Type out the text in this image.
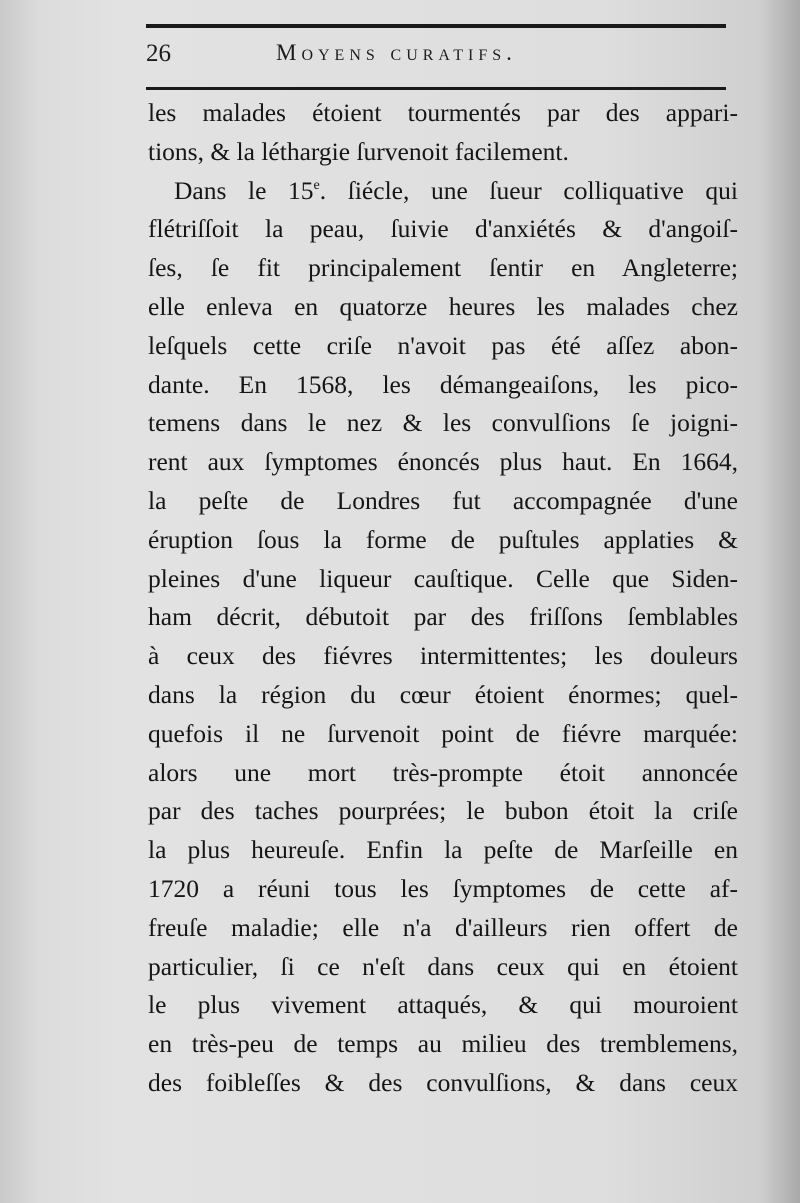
26	Moyens curatifs.
les malades étoient tourmentés par des appari-
tions, & la léthargie ſurvenoit facilement.
Dans le 15e. ſiécle, une ſueur colliquative qui
flétriſſoit la peau, ſuivie d'anxiétés & d'angoiſ-
ſes, ſe fit principalement ſentir en Angleterre;
elle enleva en quatorze heures les malades chez
leſquels cette criſe n'avoit pas été aſſez abon-
dante. En 1568, les démangeaiſons, les pico-
temens dans le nez & les convulſions ſe joigni-
rent aux ſymptomes énoncés plus haut. En 1664,
la peſte de Londres fut accompagnée d'une
éruption ſous la forme de puſtules applaties &
pleines d'une liqueur cauſtique. Celle que Siden-
ham décrit, débutoit par des friſſons ſemblables
à ceux des fiévres intermittentes; les douleurs
dans la région du cœur étoient énormes; quel-
quefois il ne ſurvenoit point de fiévre marquée:
alors une mort très-prompte étoit annoncée
par des taches pourprées; le bubon étoit la criſe
la plus heureuſe. Enfin la peſte de Marſeille en
1720 a réuni tous les ſymptomes de cette af-
freuſe maladie; elle n'a d'ailleurs rien offert de
particulier, ſi ce n'eſt dans ceux qui en étoient
le plus vivement attaqués, & qui mouroient
en très-peu de temps au milieu des tremblemens,
des foibleſſes & des convulſions, & dans ceux
